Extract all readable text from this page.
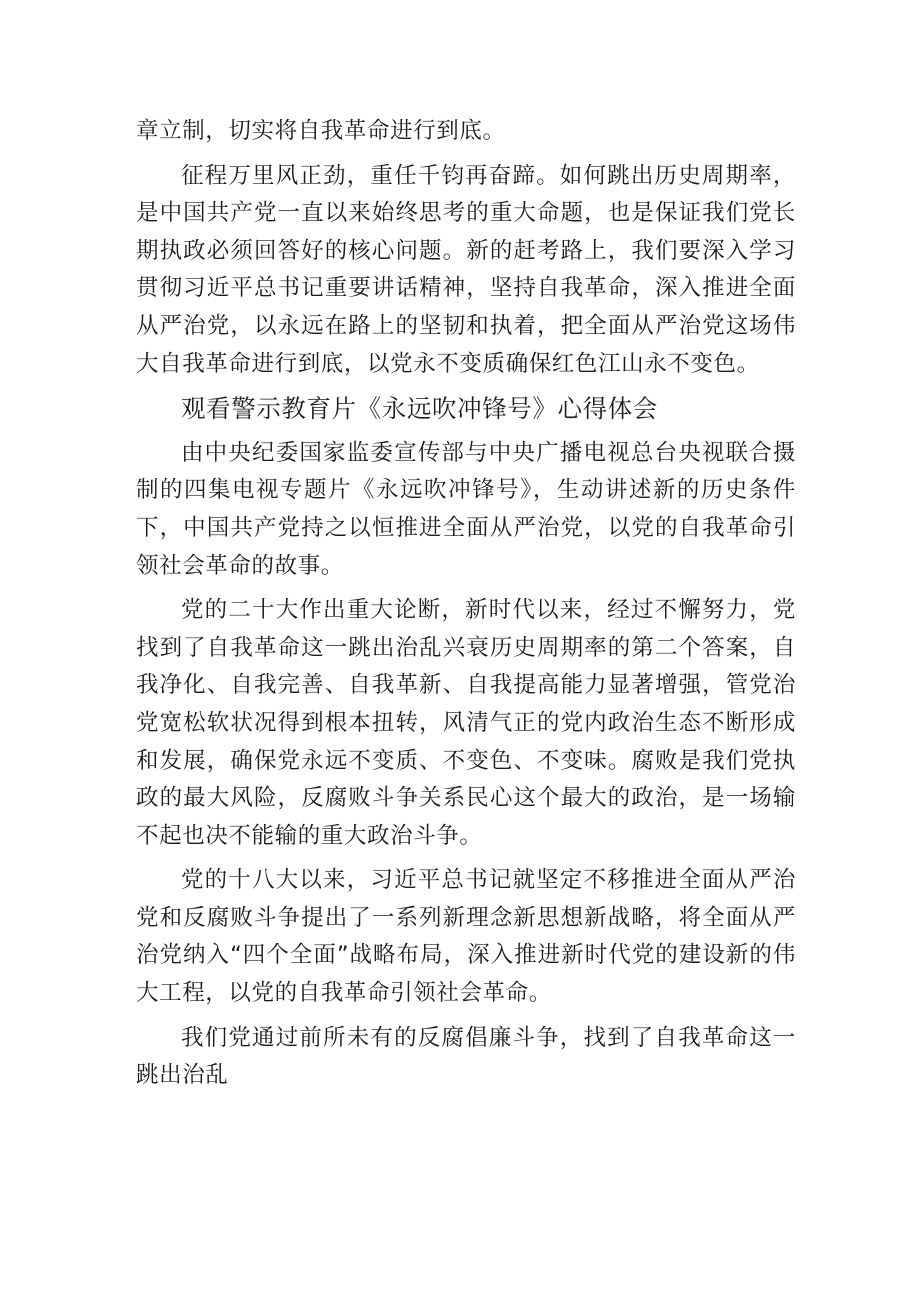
章立制，切实将自我革命进行到底。

征程万里风正劲，重任千钧再奋蹄。如何跳出历史周期率，是中国共产党一直以来始终思考的重大命题，也是保证我们党长期执政必须回答好的核心问题。新的赶考路上，我们要深入学习贯彻习近平总书记重要讲话精神，坚持自我革命，深入推进全面从严治党，以永远在路上的坚韧和执着，把全面从严治党这场伟大自我革命进行到底，以党永不变质确保红色江山永不变色。

观看警示教育片《永远吹冲锋号》心得体会

由中央纪委国家监委宣传部与中央广播电视总台央视联合摄制的四集电视专题片《永远吹冲锋号》，生动讲述新的历史条件下，中国共产党持之以恒推进全面从严治党，以党的自我革命引领社会革命的故事。

党的二十大作出重大论断，新时代以来，经过不懈努力，党找到了自我革命这一跳出治乱兴衰历史周期率的第二个答案，自我净化、自我完善、自我革新、自我提高能力显著增强，管党治党宽松软状况得到根本扭转，风清气正的党内政治生态不断形成和发展，确保党永远不变质、不变色、不变味。腐败是我们党执政的最大风险，反腐败斗争关系民心这个最大的政治，是一场输不起也决不能输的重大政治斗争。

党的十八大以来，习近平总书记就坚定不移推进全面从严治党和反腐败斗争提出了一系列新理念新思想新战略，将全面从严治党纳入“四个全面”战略布局，深入推进新时代党的建设新的伟大工程，以党的自我革命引领社会革命。

我们党通过前所未有的反腐倡廉斗争，找到了自我革命这一跳出治乱
